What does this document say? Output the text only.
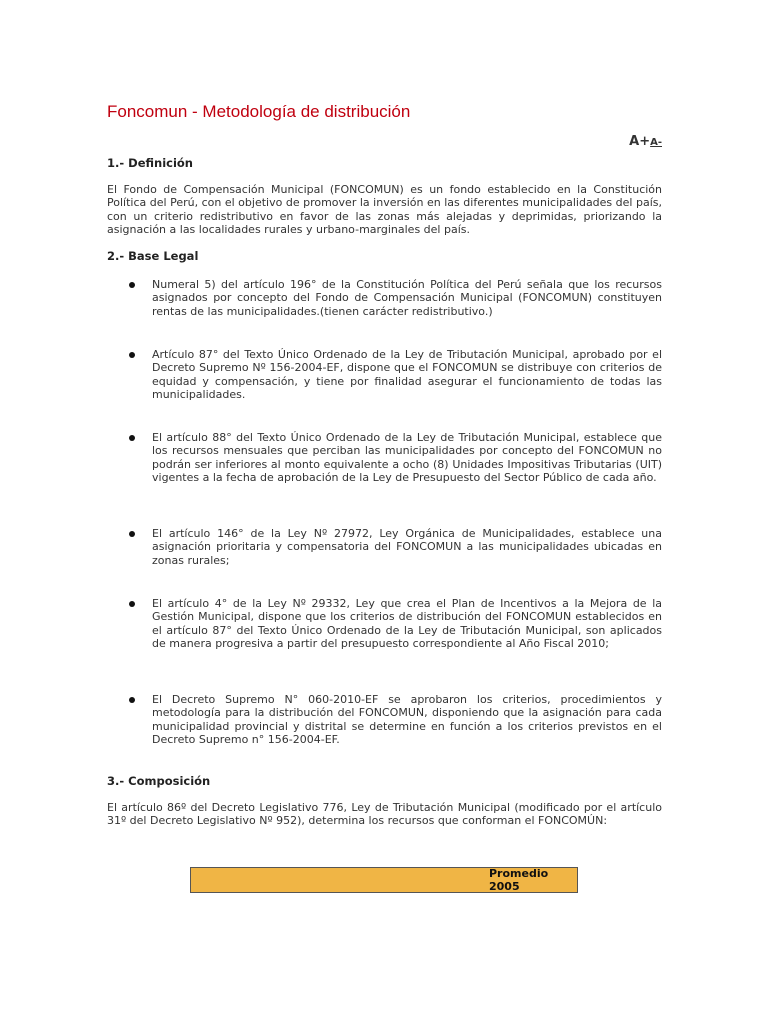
Foncomun - Metodología de distribución
A+A-
1.- Definición

El Fondo de Compensación Municipal (FONCOMUN) es un fondo establecido en la Constitución Política del Perú, con el objetivo de promover la inversión en las diferentes municipalidades del país, con un criterio redistributivo en favor de las zonas más alejadas y deprimidas, priorizando la asignación a las localidades rurales y urbano-marginales del país.

2.- Base Legal

Numeral 5) del artículo 196° de la Constitución Política del Perú señala que los recursos asignados por concepto del Fondo de Compensación Municipal (FONCOMUN) constituyen rentas de las municipalidades.(tienen carácter redistributivo.)

Artículo 87° del Texto Único Ordenado de la Ley de Tributación Municipal, aprobado por el Decreto Supremo Nº 156-2004-EF, dispone que el FONCOMUN se distribuye con criterios de equidad y compensación, y tiene por finalidad asegurar el funcionamiento de todas las municipalidades.

El artículo 88° del Texto Único Ordenado de la Ley de Tributación Municipal, establece que los recursos mensuales que perciban las municipalidades por concepto del FONCOMUN no podrán ser inferiores al monto equivalente a ocho (8) Unidades Impositivas Tributarias (UIT) vigentes a la fecha de aprobación de la Ley de Presupuesto del Sector Público de cada año.

El artículo 146° de la Ley Nº 27972, Ley Orgánica de Municipalidades, establece una asignación prioritaria y compensatoria del FONCOMUN a las municipalidades ubicadas en zonas rurales;

El artículo 4° de la Ley Nº 29332, Ley que crea el Plan de Incentivos a la Mejora de la Gestión Municipal, dispone que los criterios de distribución del FONCOMUN establecidos en el artículo 87° del Texto Único Ordenado de la Ley de Tributación Municipal, son aplicados de manera progresiva a partir del presupuesto correspondiente al Año Fiscal 2010;

El Decreto Supremo N° 060-2010-EF se aprobaron los criterios, procedimientos y metodología para la distribución del FONCOMUN, disponiendo que la asignación para cada municipalidad provincial y distrital se determine en función a los criterios previstos en el Decreto Supremo n° 156-2004-EF.

3.- Composición

El artículo 86º del Decreto Legislativo 776, Ley de Tributación Municipal (modificado por el artículo 31º del Decreto Legislativo Nº 952), determina los recursos que conforman el FONCOMÚN:

Promedio 2005
